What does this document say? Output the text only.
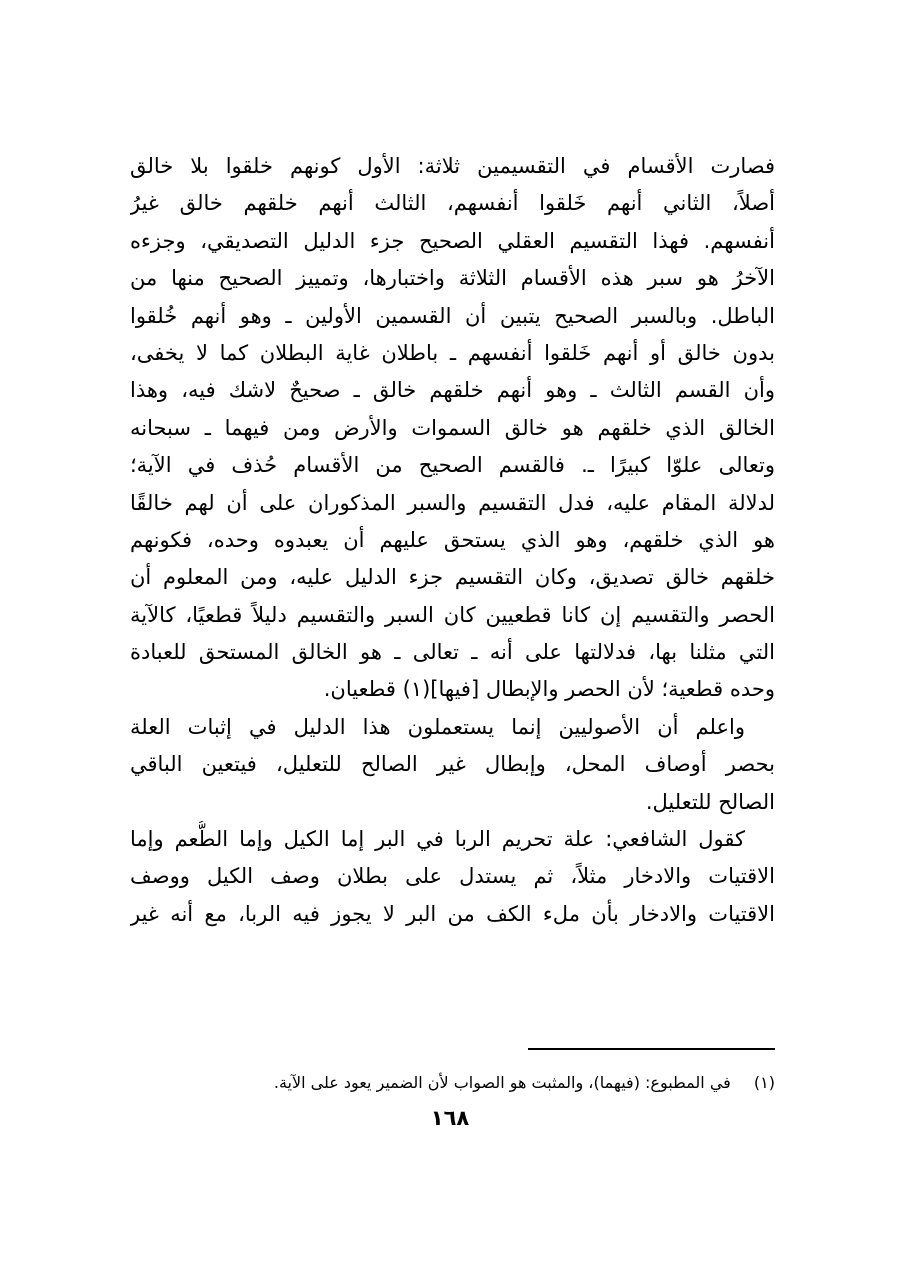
فصارت الأقسام في التقسيمين ثلاثة: الأول كونهم خلقوا بلا خالق
أصلاً، الثاني أنهم خَلقوا أنفسهم، الثالث أنهم خلقهم خالق غيرُ
أنفسهم. فهذا التقسيم العقلي الصحيح جزء الدليل التصديقي، وجزءه
الآخرُ هو سبر هذه الأقسام الثلاثة واختبارها، وتمييز الصحيح منها من
الباطل. وبالسبر الصحيح يتبين أن القسمين الأولين ـ وهو أنهم خُلقوا
بدون خالق أو أنهم خَلقوا أنفسهم ـ باطلان غاية البطلان كما لا يخفى،
وأن القسم الثالث ـ وهو أنهم خلقهم خالق ـ صحيحٌ لاشك فيه، وهذا
الخالق الذي خلقهم هو خالق السموات والأرض ومن فيهما ـ سبحانه
وتعالى علوّا كبيرًا ـ. فالقسم الصحيح من الأقسام حُذف في الآية؛
لدلالة المقام عليه، فدل التقسيم والسبر المذكوران على أن لهم خالقًا
هو الذي خلقهم، وهو الذي يستحق عليهم أن يعبدوه وحده، فكونهم
خلقهم خالق تصديق، وكان التقسيم جزء الدليل عليه، ومن المعلوم أن
الحصر والتقسيم إن كانا قطعيين كان السبر والتقسيم دليلاً قطعيًا، كالآية
التي مثلنا بها، فدلالتها على أنه ـ تعالى ـ هو الخالق المستحق للعبادة
وحده قطعية؛ لأن الحصر والإبطال [فيها](١) قطعيان.
واعلم أن الأصوليين إنما يستعملون هذا الدليل في إثبات العلة
بحصر أوصاف المحل، وإبطال غير الصالح للتعليل، فيتعين الباقي
الصالح للتعليل.
كقول الشافعي: علة تحريم الربا في البر إما الكيل وإما الطُّعم وإما
الاقتيات والادخار مثلاً، ثم يستدل على بطلان وصف الكيل ووصف
الاقتيات والادخار بأن ملء الكف من البر لا يجوز فيه الربا، مع أنه غير
(١) في المطبوع: (فيهما)، والمثبت هو الصواب لأن الضمير يعود على الآية.
١٦٨
